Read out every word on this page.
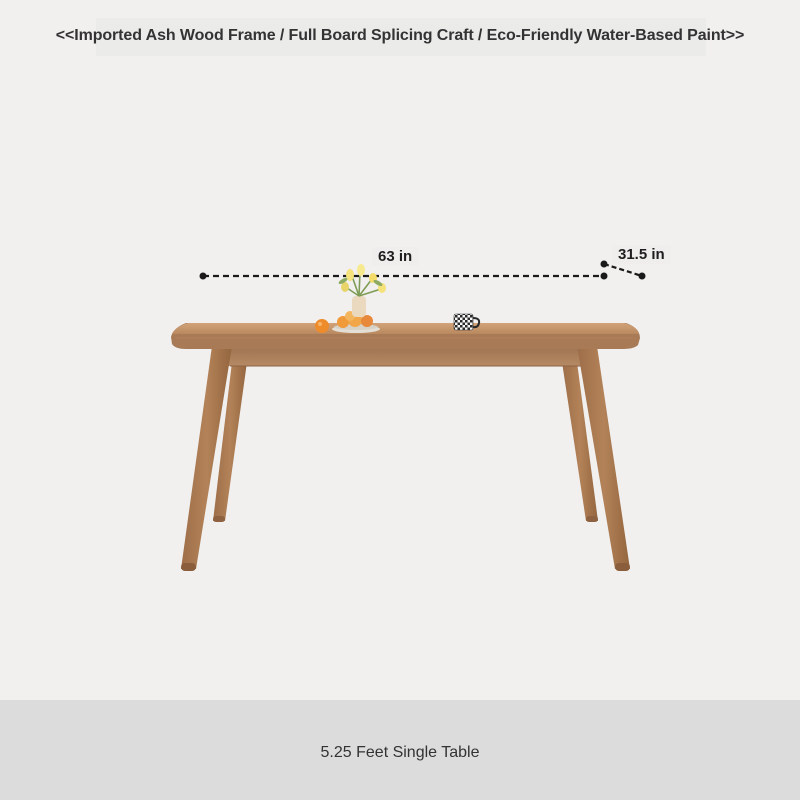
<<Imported Ash Wood Frame / Full Board Splicing Craft / Eco-Friendly Water-Based Paint>>
63 in	31.5 in
5.25 Feet Single Table
